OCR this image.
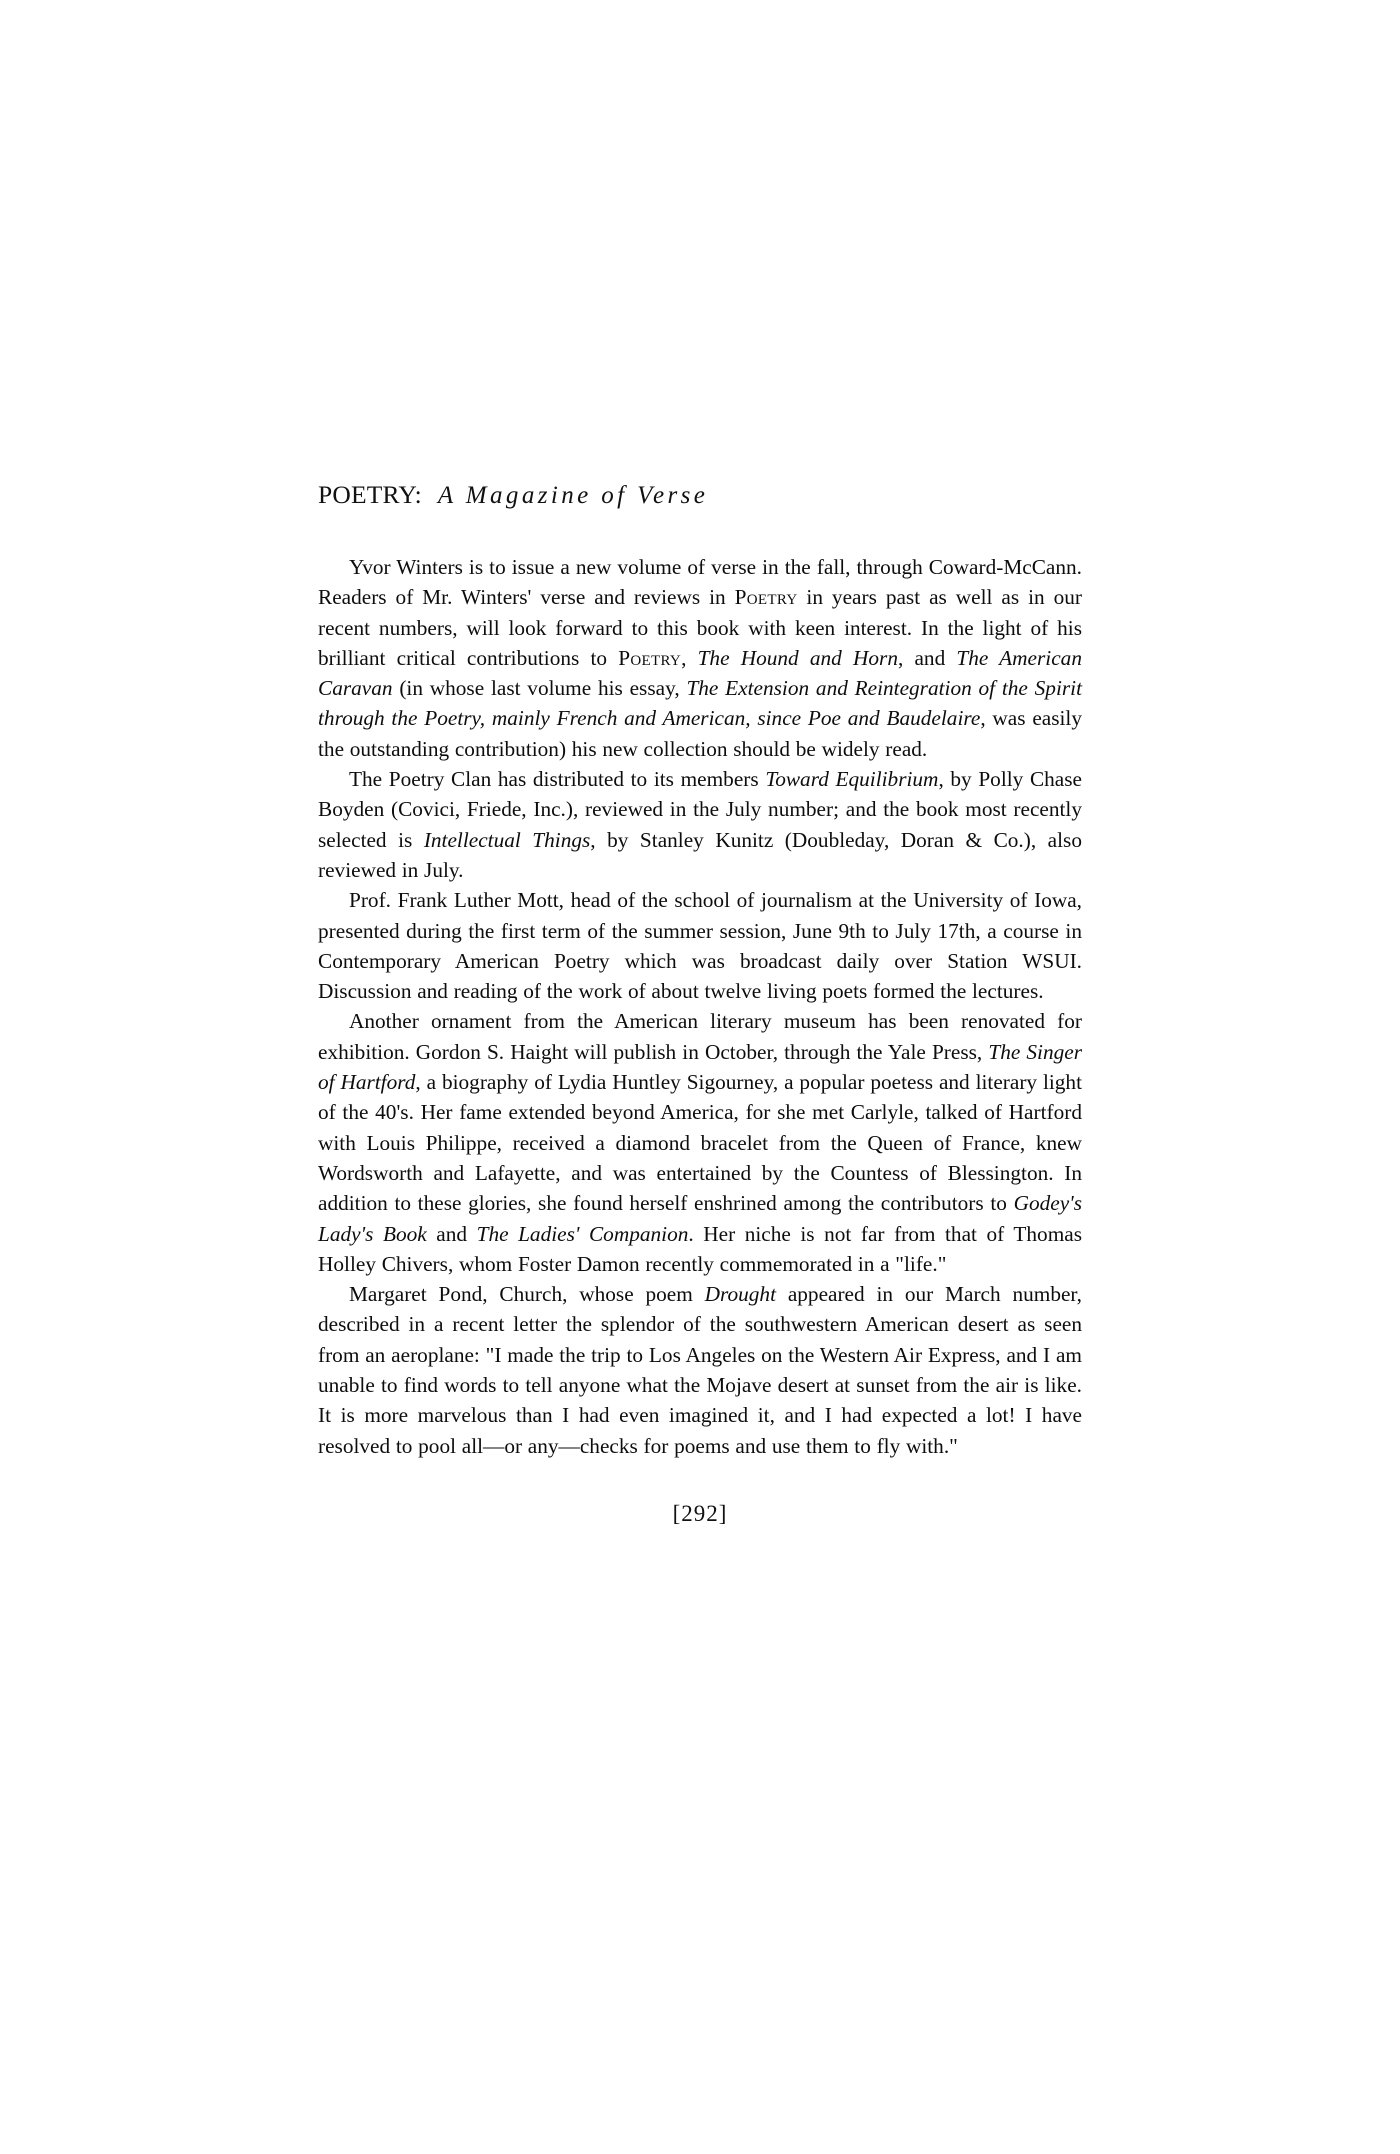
POETRY: A Magazine of Verse

Yvor Winters is to issue a new volume of verse in the fall, through Coward-McCann. Readers of Mr. Winters' verse and reviews in Poetry in years past as well as in our recent numbers, will look forward to this book with keen interest. In the light of his brilliant critical contributions to Poetry, The Hound and Horn, and The American Caravan (in whose last volume his essay, The Extension and Reintegration of the Spirit through the Poetry, mainly French and American, since Poe and Baudelaire, was easily the outstanding contribution) his new collection should be widely read.

The Poetry Clan has distributed to its members Toward Equilibrium, by Polly Chase Boyden (Covici, Friede, Inc.), reviewed in the July number; and the book most recently selected is Intellectual Things, by Stanley Kunitz (Doubleday, Doran & Co.), also reviewed in July.

Prof. Frank Luther Mott, head of the school of journalism at the University of Iowa, presented during the first term of the summer session, June 9th to July 17th, a course in Contemporary American Poetry which was broadcast daily over Station WSUI. Discussion and reading of the work of about twelve living poets formed the lectures.

Another ornament from the American literary museum has been renovated for exhibition. Gordon S. Haight will publish in October, through the Yale Press, The Singer of Hartford, a biography of Lydia Huntley Sigourney, a popular poetess and literary light of the 40's. Her fame extended beyond America, for she met Carlyle, talked of Hartford with Louis Philippe, received a diamond bracelet from the Queen of France, knew Wordsworth and Lafayette, and was entertained by the Countess of Blessington. In addition to these glories, she found herself enshrined among the contributors to Godey's Lady's Book and The Ladies' Companion. Her niche is not far from that of Thomas Holley Chivers, whom Foster Damon recently commemorated in a "life."

Margaret Pond, Church, whose poem Drought appeared in our March number, described in a recent letter the splendor of the southwestern American desert as seen from an aeroplane: "I made the trip to Los Angeles on the Western Air Express, and I am unable to find words to tell anyone what the Mojave desert at sunset from the air is like. It is more marvelous than I had even imagined it, and I had expected a lot! I have resolved to pool all—or any—checks for poems and use them to fly with."

[292]
